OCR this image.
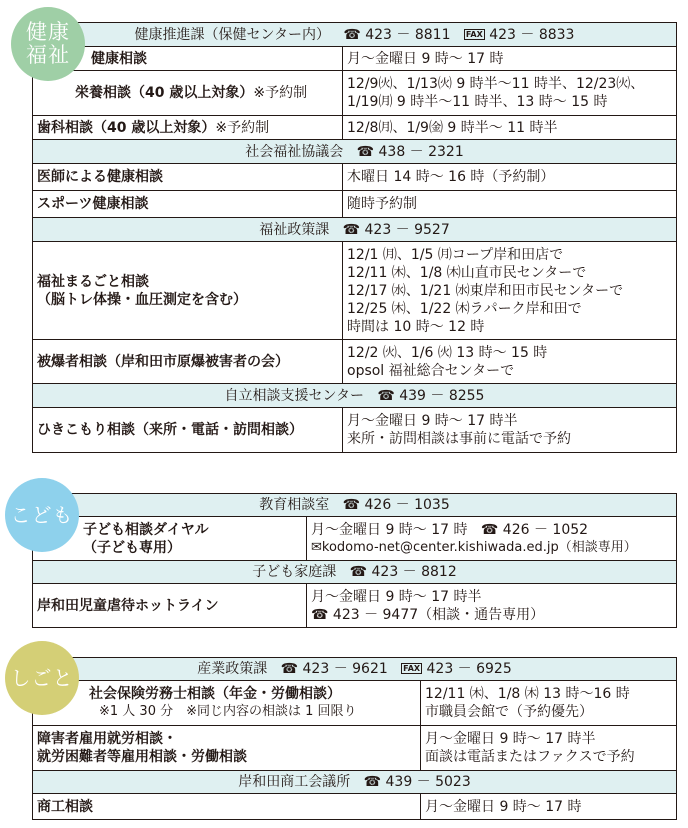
健康
福祉
健康推進課（保健センター内） ☎ 423 － 8811 FAX 423 － 8833	
健康相談	月～金曜日 9 時～ 17 時
栄養相談（40 歳以上対象）※予約制	12/9㈫、1/13㈫ 9 時半～11 時半、12/23㈫、
1/19㈪ 9 時半～11 時半、13 時～ 15 時

歯科相談（40 歳以上対象）※予約制	12/8㈪、1/9㈮ 9 時半～ 11 時半
社会福祉協議会 ☎ 438 － 2321	
医師による健康相談	木曜日 14 時～ 16 時（予約制）
スポーツ健康相談	随時予約制
福祉政策課 ☎ 423 － 9527	

福祉まるごと相談
（脳トレ体操・血圧測定を含む）	12/1 ㈪、1/5 ㈪コープ岸和田店で
12/11 ㈭、1/8 ㈭山直市民センターで
12/17 ㈬、1/21 ㈬東岸和田市民センターで
12/25 ㈭、1/22 ㈭ラパーク岸和田で
時間は 10 時～ 12 時

被爆者相談（岸和田市原爆被害者の会）	12/2 ㈫、1/6 ㈫ 13 時～ 15 時
opsol 福祉総合センターで

自立相談支援センター ☎ 439 － 8255	
ひきこもり相談（来所・電話・訪問相談）	月～金曜日 9 時～ 17 時半
来所・訪問相談は事前に電話で予約
こども	教育相談室 ☎ 426 － 1035	

子ども相談ダイヤル
（子ども専用）	月～金曜日 9 時～ 17 時 ☎ 426 － 1052
✉kodomo-net@center.kishiwada.ed.jp（相談専用）

子ども家庭課 ☎ 423 － 8812	
岸和田児童虐待ホットライン	月～金曜日 9 時～ 17 時半
☎ 423 － 9477（相談・通告専用）
しごと	産業政策課 ☎ 423 － 9621 FAX 423 － 6925	

社会保険労務士相談（年金・労働相談）
※1 人 30 分　※同じ内容の相談は 1 回限り	12/11 ㈭、1/8 ㈭ 13 時～16 時
市職員会館で（予約優先）

障害者雇用就労相談・
就労困難者等雇用相談・労働相談	月～金曜日 9 時～ 17 時半
面談は電話またはファクスで予約

岸和田商工会議所 ☎ 439 － 5023	
商工相談	月～金曜日 9 時～ 17 時
